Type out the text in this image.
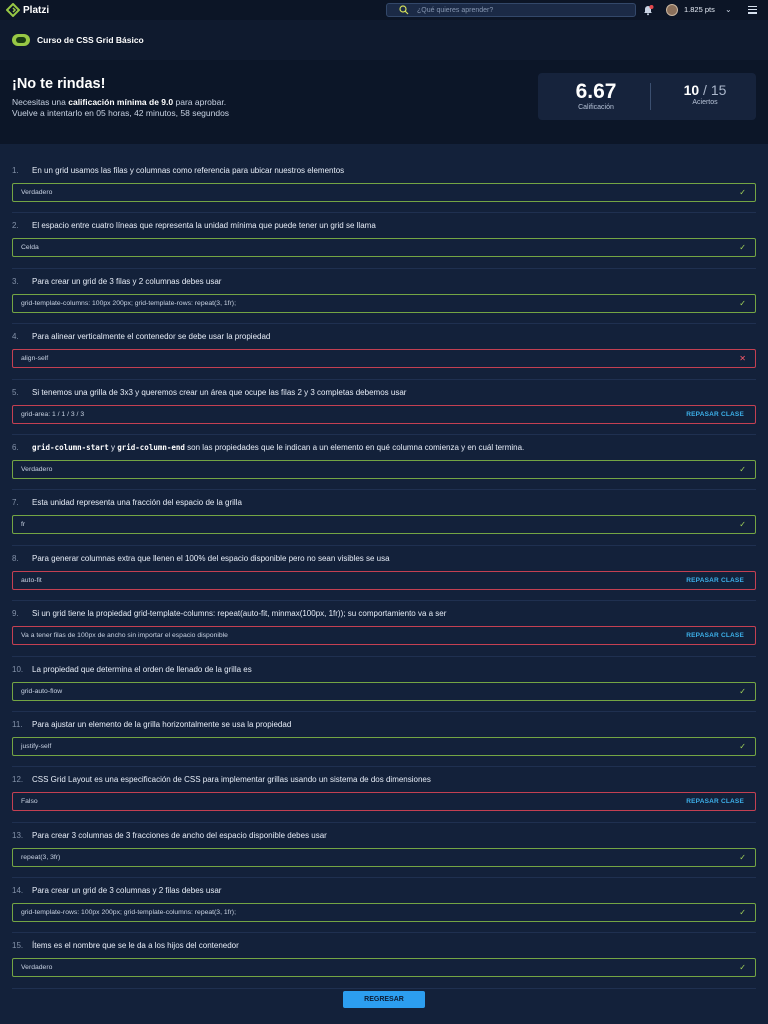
Platzi	¿Qué quieres aprender?	1.825 pts ⌄
Curso de CSS Grid Básico
¡No te rindas!
Necesitas una calificación mínima de 9.0 para aprobar.
Vuelve a intentarlo en 05 horas, 42 minutos, 58 segundos
6.67
Calificación
10 / 15
Aciertos
1. En un grid usamos las filas y columnas como referencia para ubicar nuestros elementos
Verdadero	✓
2. El espacio entre cuatro líneas que representa la unidad mínima que puede tener un grid se llama
Celda	✓
3. Para crear un grid de 3 filas y 2 columnas debes usar
grid-template-columns: 100px 200px; grid-template-rows: repeat(3, 1fr);	✓
4. Para alinear verticalmente el contenedor se debe usar la propiedad
align-self	✕
5. Si tenemos una grilla de 3x3 y queremos crear un área que ocupe las filas 2 y 3 completas debemos usar
grid-area: 1 / 1 / 3 / 3	REPASAR CLASE
6. grid-column-start y grid-column-end son las propiedades que le indican a un elemento en qué columna comienza y en cuál termina.
Verdadero	✓
7. Esta unidad representa una fracción del espacio de la grilla
fr	✓
8. Para generar columnas extra que llenen el 100% del espacio disponible pero no sean visibles se usa
auto-fit	REPASAR CLASE
9. Si un grid tiene la propiedad grid-template-columns: repeat(auto-fit, minmax(100px, 1fr)); su comportamiento va a ser
Va a tener filas de 100px de ancho sin importar el espacio disponible	REPASAR CLASE
10. La propiedad que determina el orden de llenado de la grilla es
grid-auto-flow	✓
11. Para ajustar un elemento de la grilla horizontalmente se usa la propiedad
justify-self	✓
12. CSS Grid Layout es una especificación de CSS para implementar grillas usando un sistema de dos dimensiones
Falso	REPASAR CLASE
13. Para crear 3 columnas de 3 fracciones de ancho del espacio disponible debes usar
repeat(3, 3fr)	✓
14. Para crear un grid de 3 columnas y 2 filas debes usar
grid-template-rows: 100px 200px; grid-template-columns: repeat(3, 1fr);	✓
15. Ítems es el nombre que se le da a los hijos del contenedor
Verdadero	✓
REGRESAR
